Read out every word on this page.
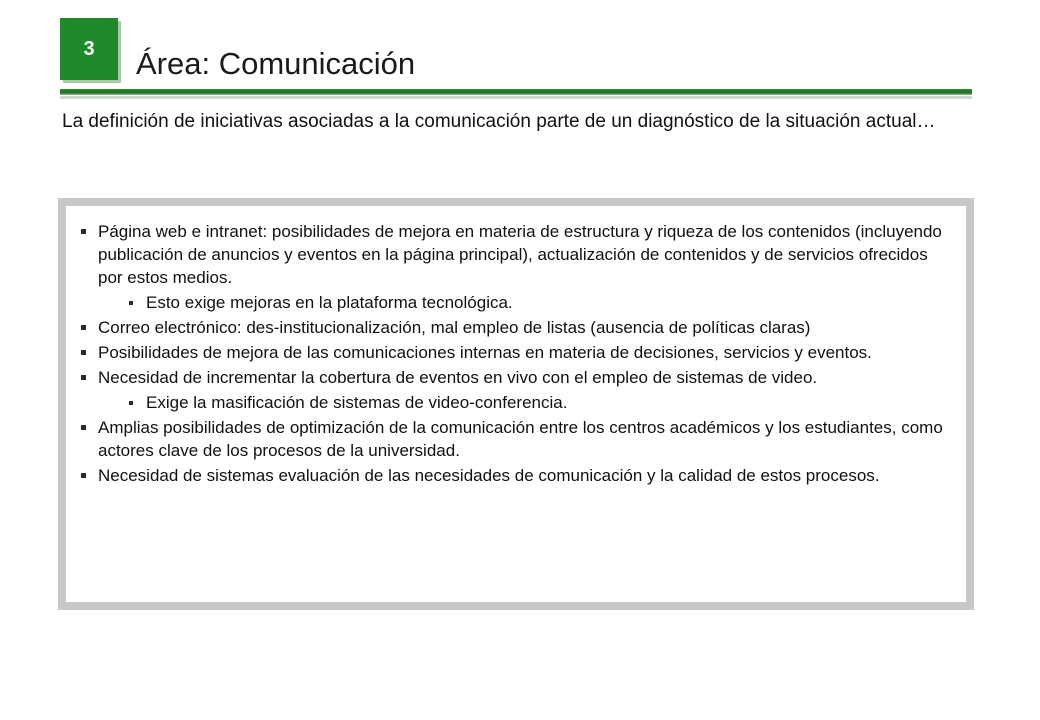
3 Área: Comunicación
La definición de iniciativas asociadas a la comunicación parte de un diagnóstico de la situación actual…
Página web e intranet: posibilidades de mejora en materia de estructura y riqueza de los contenidos (incluyendo publicación de anuncios y eventos en la página principal), actualización de contenidos y de servicios ofrecidos por estos medios.
Esto exige mejoras en la plataforma tecnológica.
Correo electrónico: des-institucionalización, mal empleo de listas (ausencia de políticas claras)
Posibilidades de mejora de las comunicaciones internas en materia de decisiones, servicios y eventos.
Necesidad de incrementar la cobertura de eventos en vivo con el empleo de sistemas de video.
Exige la masificación de sistemas de video-conferencia.
Amplias posibilidades de optimización de la comunicación entre los centros académicos y los estudiantes, como actores clave de los procesos de la universidad.
Necesidad de sistemas evaluación de las necesidades de comunicación y la calidad de estos procesos.
